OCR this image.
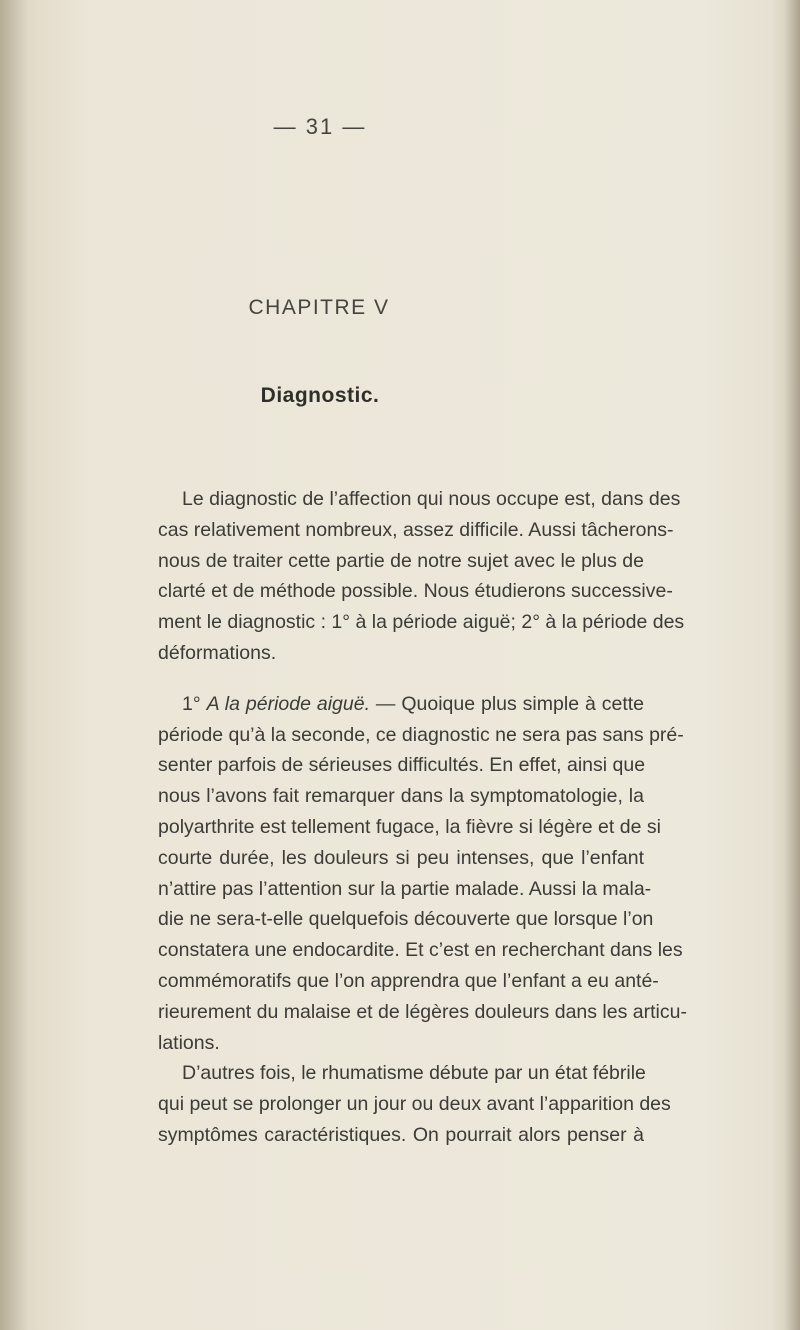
— 31 —
CHAPITRE V
Diagnostic.
Le diagnostic de l’affection qui nous occupe est, dans des
cas relativement nombreux, assez difficile. Aussi tâcherons-
nous de traiter cette partie de notre sujet avec le plus de
clarté et de méthode possible. Nous étudierons successive-
ment le diagnostic : 1° à la période aiguë; 2° à la période des
déformations.
1° A la période aiguë. — Quoique plus simple à cette
période qu’à la seconde, ce diagnostic ne sera pas sans pré-
senter parfois de sérieuses difficultés. En effet, ainsi que
nous l’avons fait remarquer dans la symptomatologie, la
polyarthrite est tellement fugace, la fièvre si légère et de si
courte durée, les douleurs si peu intenses, que l’enfant
n’attire pas l’attention sur la partie malade. Aussi la mala-
die ne sera-t-elle quelquefois découverte que lorsque l’on
constatera une endocardite. Et c’est en recherchant dans les
commémoratifs que l’on apprendra que l’enfant a eu anté-
rieurement du malaise et de légères douleurs dans les articu-
lations.
D’autres fois, le rhumatisme débute par un état fébrile
qui peut se prolonger un jour ou deux avant l’apparition des
symptômes caractéristiques. On pourrait alors penser à
